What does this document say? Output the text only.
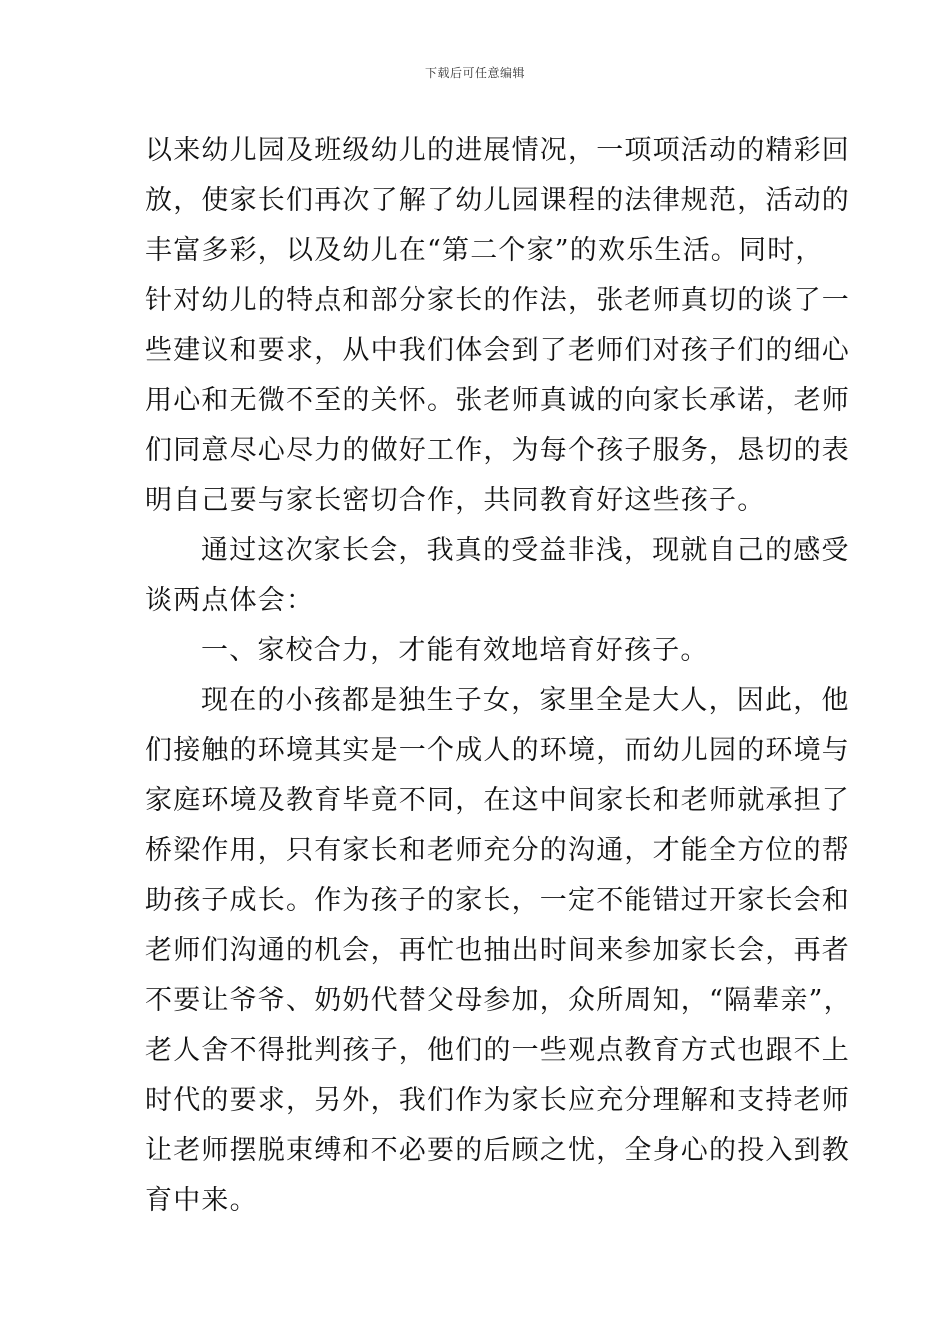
下载后可任意编辑
以来幼儿园及班级幼儿的进展情况，一项项活动的精彩回
放，使家长们再次了解了幼儿园课程的法律规范，活动的
丰富多彩，以及幼儿在“第二个家”的欢乐生活。同时，
针对幼儿的特点和部分家长的作法，张老师真切的谈了一
些建议和要求，从中我们体会到了老师们对孩子们的细心
用心和无微不至的关怀。张老师真诚的向家长承诺，老师
们同意尽心尽力的做好工作，为每个孩子服务，恳切的表
明自己要与家长密切合作，共同教育好这些孩子。
通过这次家长会，我真的受益非浅，现就自己的感受
谈两点体会：
一、家校合力，才能有效地培育好孩子。
现在的小孩都是独生子女，家里全是大人，因此，他
们接触的环境其实是一个成人的环境，而幼儿园的环境与
家庭环境及教育毕竟不同，在这中间家长和老师就承担了
桥梁作用，只有家长和老师充分的沟通，才能全方位的帮
助孩子成长。作为孩子的家长，一定不能错过开家长会和
老师们沟通的机会，再忙也抽出时间来参加家长会，再者
不要让爷爷、奶奶代替父母参加，众所周知，“隔辈亲”，
老人舍不得批判孩子，他们的一些观点教育方式也跟不上
时代的要求，另外，我们作为家长应充分理解和支持老师
让老师摆脱束缚和不必要的后顾之忧，全身心的投入到教
育中来。
